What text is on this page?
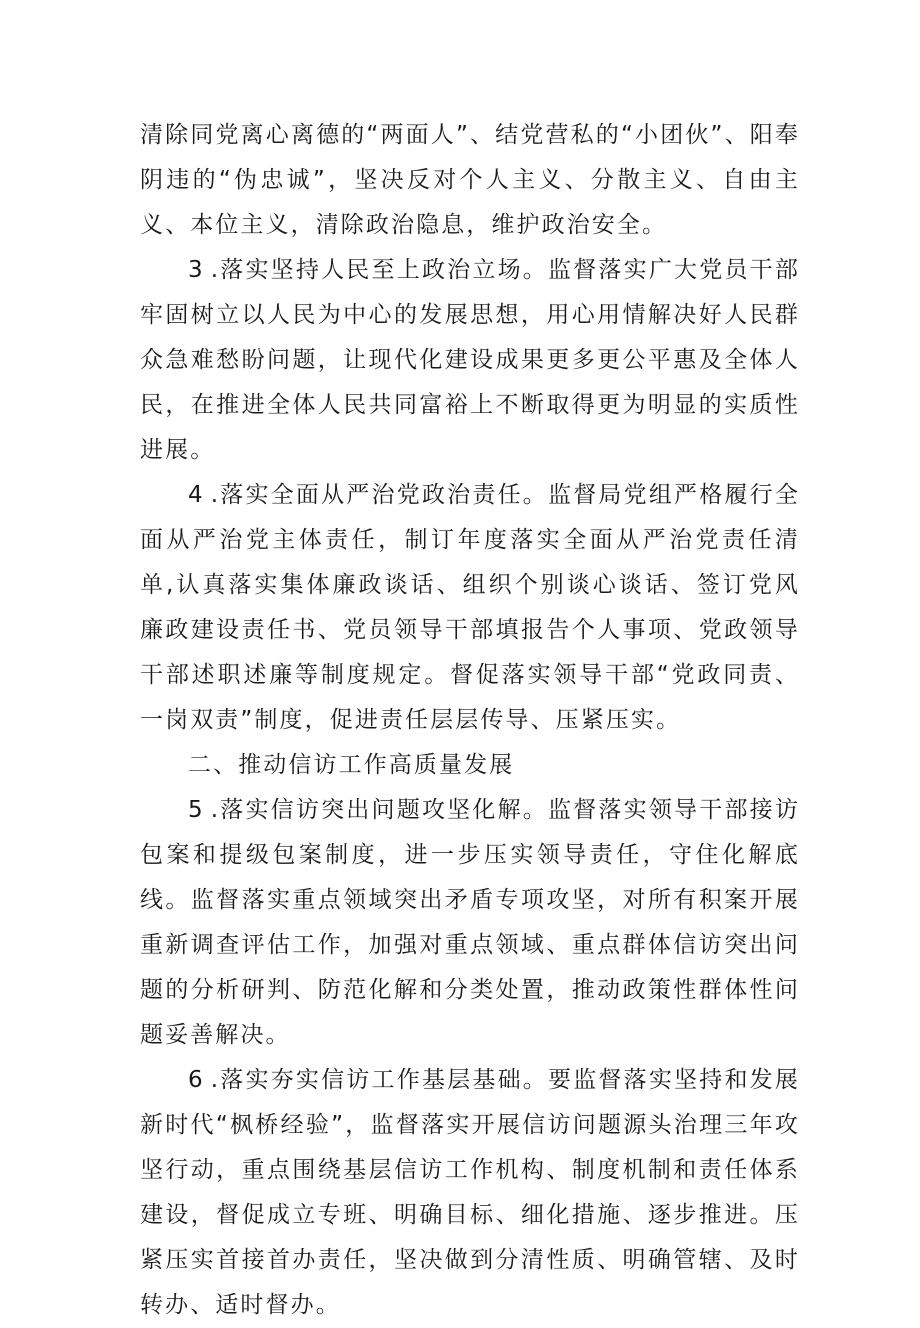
清除同党离心离德的“两面人”、结党营私的“小团伙”、阳奉阴违的“伪忠诚”，坚决反对个人主义、分散主义、自由主义、本位主义，清除政治隐息，维护政治安全。

3 .落实坚持人民至上政治立场。监督落实广大党员干部牢固树立以人民为中心的发展思想，用心用情解决好人民群众急难愁盼问题，让现代化建设成果更多更公平惠及全体人民，在推进全体人民共同富裕上不断取得更为明显的实质性进展。

4 .落实全面从严治党政治责任。监督局党组严格履行全面从严治党主体责任，制订年度落实全面从严治党责任清单,认真落实集体廉政谈话、组织个别谈心谈话、签订党风廉政建设责任书、党员领导干部填报告个人事项、党政领导干部述职述廉等制度规定。督促落实领导干部“党政同责、一岗双责”制度，促进责任层层传导、压紧压实。

二、推动信访工作高质量发展

5 .落实信访突出问题攻坚化解。监督落实领导干部接访包案和提级包案制度，进一步压实领导责任，守住化解底线。监督落实重点领域突出矛盾专项攻坚，对所有积案开展重新调查评估工作，加强对重点领域、重点群体信访突出问题的分析研判、防范化解和分类处置，推动政策性群体性问题妥善解决。

6 .落实夯实信访工作基层基础。要监督落实坚持和发展新时代“枫桥经验”，监督落实开展信访问题源头治理三年攻坚行动，重点围绕基层信访工作机构、制度机制和责任体系建设，督促成立专班、明确目标、细化措施、逐步推进。压紧压实首接首办责任，坚决做到分清性质、明确管辖、及时转办、适时督办。
